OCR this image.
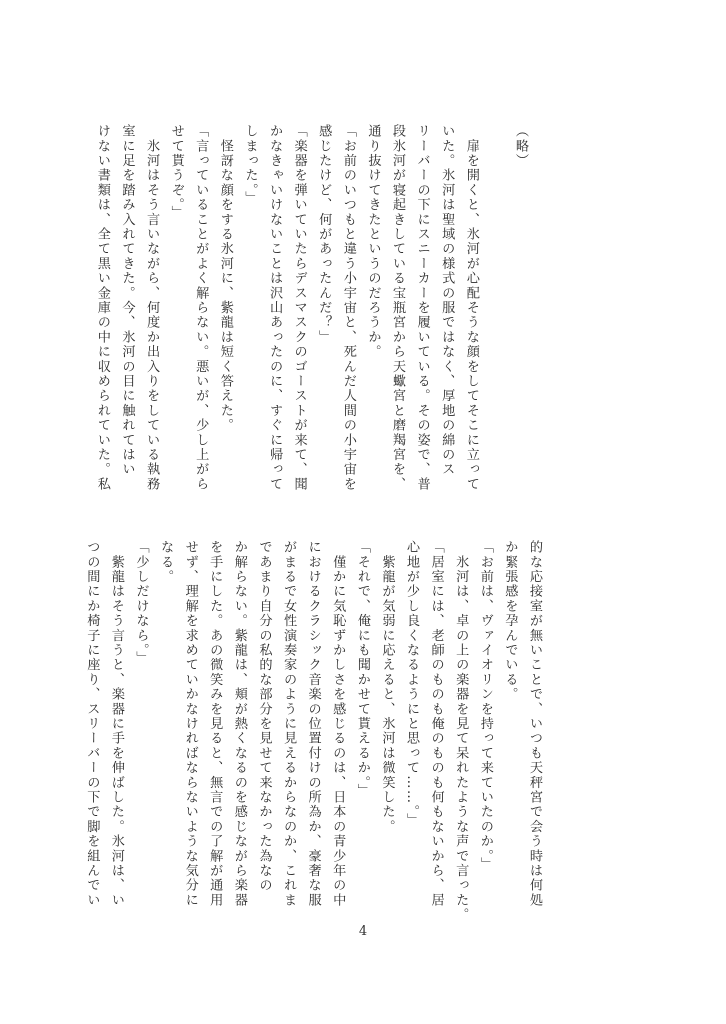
（略）

　扉を開くと、氷河が心配そうな顔をしてそこに立って
いた。氷河は聖域の様式の服ではなく、厚地の綿のス
リーバーの下にスニーカーを履いている。その姿で、普
段氷河が寝起きしている宝瓶宮から天蠍宮と磨羯宮を、
通り抜けてきたというのだろうか。
「お前のいつもと違う小宇宙と、死んだ人間の小宇宙を
感じたけど、何があったんだ？」
「楽器を弾いていたらデスマスクのゴーストが来て、聞
かなきゃいけないことは沢山あったのに、すぐに帰って
しまった。」
　怪訝な顔をする氷河に、紫龍は短く答えた。
「言っていることがよく解らない。悪いが、少し上がら
せて貰うぞ。」
　氷河はそう言いながら、何度か出入りをしている執務
室に足を踏み入れてきた。今、氷河の目に触れてはい
けない書類は、全て黒い金庫の中に収められていた。私
的な応接室が無いことで、いつも天秤宮で会う時は何処
か緊張感を孕んでいる。
「お前は、ヴァイオリンを持って来ていたのか。」
　氷河は、卓の上の楽器を見て呆れたような声で言った。
「居室には、老師のものも俺のものも何もないから、居
心地が少し良くなるようにと思って……。」
　紫龍が気弱に応えると、氷河は微笑した。
「それで、俺にも聞かせて貰えるか。」
　僅かに気恥ずかしさを感じるのは、日本の青少年の中
におけるクラシック音楽の位置付けの所為か、豪奢な服
がまるで女性演奏家のように見えるからなのか、これま
であまり自分の私的な部分を見せて来なかった為なの
か解らない。紫龍は、頬が熱くなるのを感じながら楽器
を手にした。あの微笑みを見ると、無言での了解が通用
せず、理解を求めていかなければならないような気分に
なる。
「少しだけなら。」
　紫龍はそう言うと、楽器に手を伸ばした。氷河は、い
つの間にか椅子に座り、スリーバーの下で脚を組んでい
4
